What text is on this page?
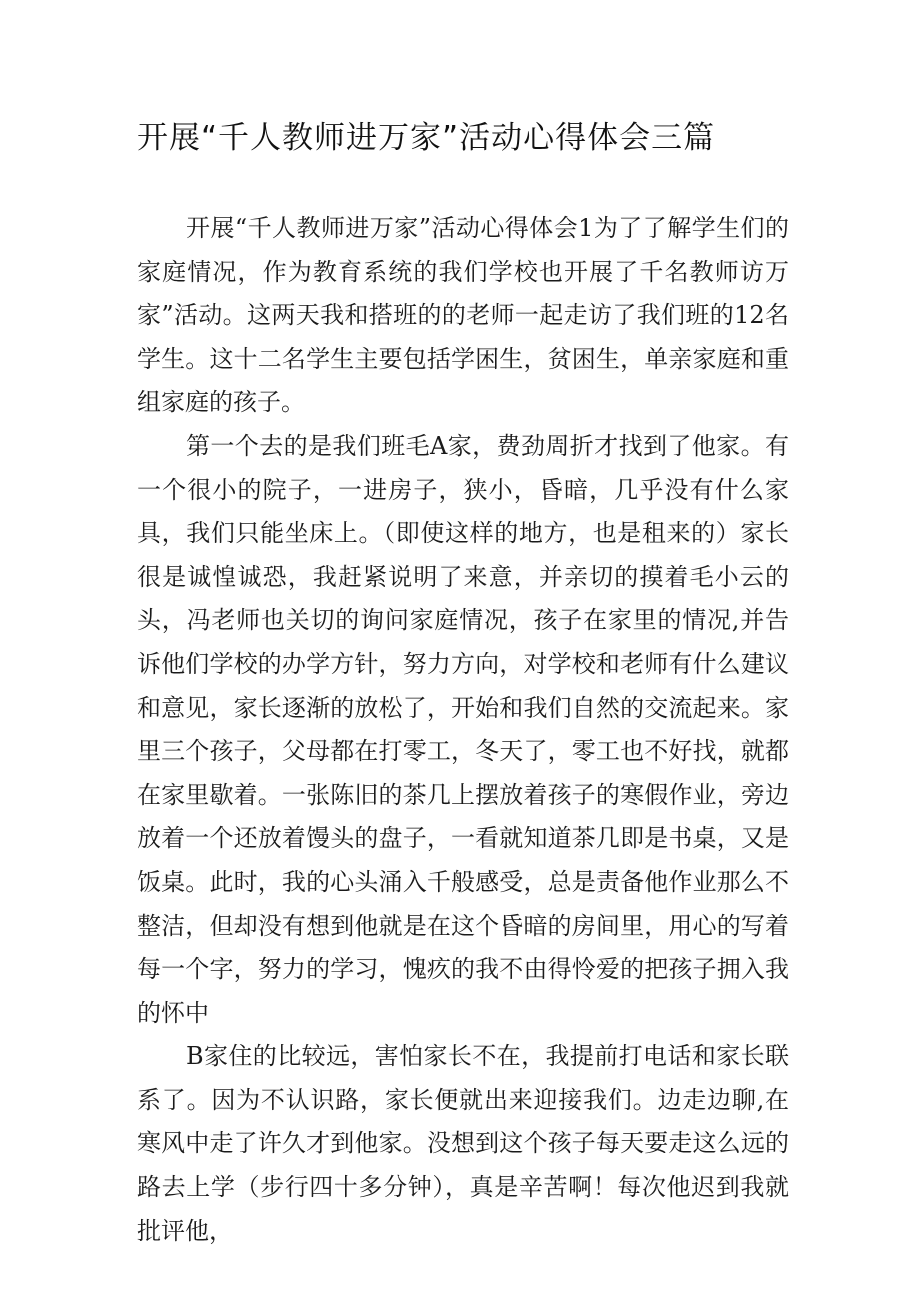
开展“千人教师进万家”活动心得体会三篇

开展“千人教师进万家”活动心得体会1为了了解学生们的家庭情况，作为教育系统的我们学校也开展了千名教师访万家”活动。这两天我和搭班的的老师一起走访了我们班的12名学生。这十二名学生主要包括学困生，贫困生，单亲家庭和重组家庭的孩子。

第一个去的是我们班毛A家，费劲周折才找到了他家。有一个很小的院子，一进房子，狭小，昏暗，几乎没有什么家具，我们只能坐床上。（即使这样的地方，也是租来的）家长很是诚惶诚恐，我赶紧说明了来意，并亲切的摸着毛小云的头，冯老师也关切的询问家庭情况，孩子在家里的情况,并告诉他们学校的办学方针，努力方向，对学校和老师有什么建议和意见，家长逐渐的放松了，开始和我们自然的交流起来。家里三个孩子，父母都在打零工，冬天了，零工也不好找，就都在家里歇着。一张陈旧的茶几上摆放着孩子的寒假作业，旁边放着一个还放着馒头的盘子，一看就知道茶几即是书桌，又是饭桌。此时，我的心头涌入千般感受，总是责备他作业那么不整洁，但却没有想到他就是在这个昏暗的房间里，用心的写着每一个字，努力的学习，愧疚的我不由得怜爱的把孩子拥入我的怀中

B家住的比较远，害怕家长不在，我提前打电话和家长联系了。因为不认识路，家长便就出来迎接我们。边走边聊,在寒风中走了许久才到他家。没想到这个孩子每天要走这么远的路去上学（步行四十多分钟），真是辛苦啊！每次他迟到我就批评他，
